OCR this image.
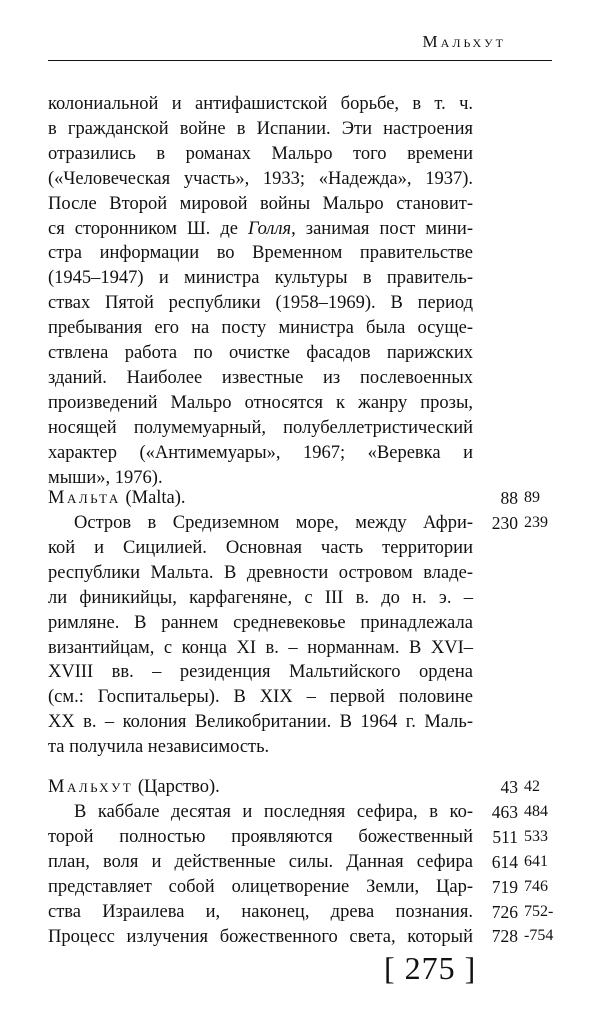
Мальхут
колониальной и антифашистской борьбе, в т. ч.
в гражданской войне в Испании. Эти настроения
отразились в романах Мальро того времени
(«Человеческая участь», 1933; «Надежда», 1937).
После Второй мировой войны Мальро становит-
ся сторонником Ш. де Голля, занимая пост мини-
стра информации во Временном правительстве
(1945–1947) и министра культуры в правитель-
ствах Пятой республики (1958–1969). В период
пребывания его на посту министра была осуще-
ствлена работа по очистке фасадов парижских
зданий. Наиболее известные из послевоенных
произведений Мальро относятся к жанру прозы,
носящей полумемуарный, полубеллетристический
характер («Антимемуары», 1967; «Веревка и
мыши», 1976).
Мальта (Malta).
Остров в Средиземном море, между Афри-
кой и Сицилией. Основная часть территории
республики Мальта. В древности островом владе-
ли финикийцы, карфагеняне, с III в. до н. э. –
римляне. В раннем средневековье принадлежала
византийцам, с конца XI в. – норманнам. В XVI–
XVIII вв. – резиденция Мальтийского ордена
(см.: Госпитальеры). В XIX – первой половине
XX в. – колония Великобритании. В 1964 г. Маль-
та получила независимость.
88 89
230 239
Мальхут (Царство).
В каббале десятая и последняя сефира, в ко-
торой полностью проявляются божественный
план, воля и действенные силы. Данная сефира
представляет собой олицетворение Земли, Цар-
ства Израилева и, наконец, древа познания.
Процесс излучения божественного света, который
43 42
463 484
511 533
614 641
719 746
726 752-
728 -754
[ 275 ]
